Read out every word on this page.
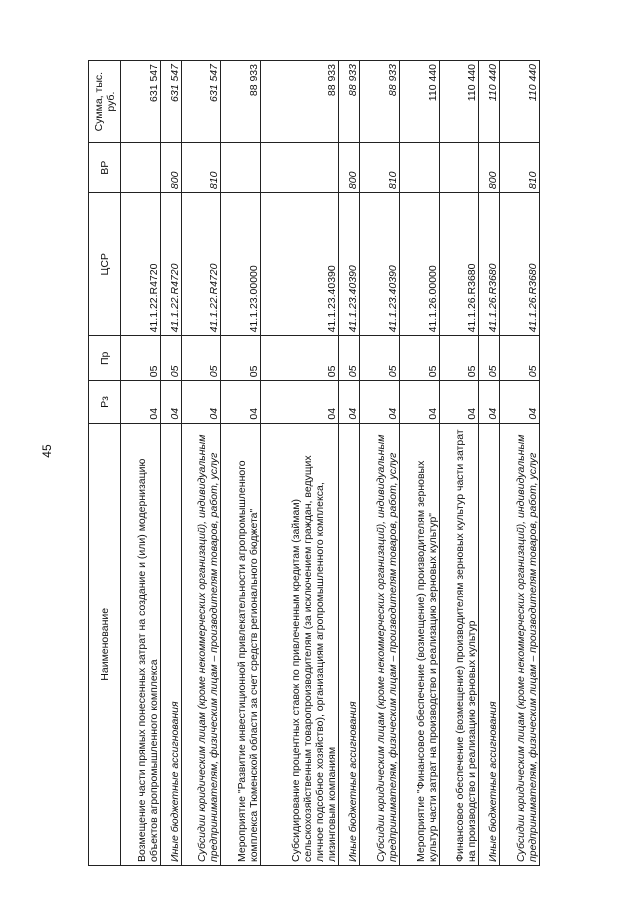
45
Наименование	Рз	Пр	ЦСР	ВР	Сумма, тыс. руб.
Возмещение части прямых понесенных затрат на создание и (или) модернизацию объектов агропромышленного комплекса	04	05	41.1.22.R4720		631 547
Иные бюджетные ассигнования	04	05	41.1.22.R4720	800	631 547
Субсидии юридическим лицам (кроме некоммерческих организаций), индивидуальным предпринимателям, физическим лицам – производителям товаров, работ, услуг	04	05	41.1.22.R4720	810	631 547
Мероприятие "Развитие инвестиционной привлекательности агропромышленного комплекса Тюменской области за счет средств регионального бюджета"	04	05	41.1.23.00000		88 933
Субсидирование процентных ставок по привлеченным кредитам (займам) сельскохозяйственным товаропроизводителям (за исключением граждан, ведущих личное подсобное хозяйство), организациям агропромышленного комплекса, лизинговым компаниям	04	05	41.1.23.40390		88 933
Иные бюджетные ассигнования	04	05	41.1.23.40390	800	88 933
Субсидии юридическим лицам (кроме некоммерческих организаций), индивидуальным предпринимателям, физическим лицам – производителям товаров, работ, услуг	04	05	41.1.23.40390	810	88 933
Мероприятие "Финансовое обеспечение (возмещение) производителям зерновых культур части затрат на производство и реализацию зерновых культур"	04	05	41.1.26.00000		110 440
Финансовое обеспечение (возмещение) производителям зерновых культур части затрат на производство и реализацию зерновых культур	04	05	41.1.26.R3680		110 440
Иные бюджетные ассигнования	04	05	41.1.26.R3680	800	110 440
Субсидии юридическим лицам (кроме некоммерческих организаций), индивидуальным предпринимателям, физическим лицам – производителям товаров, работ, услуг	04	05	41.1.26.R3680	810	110 440
